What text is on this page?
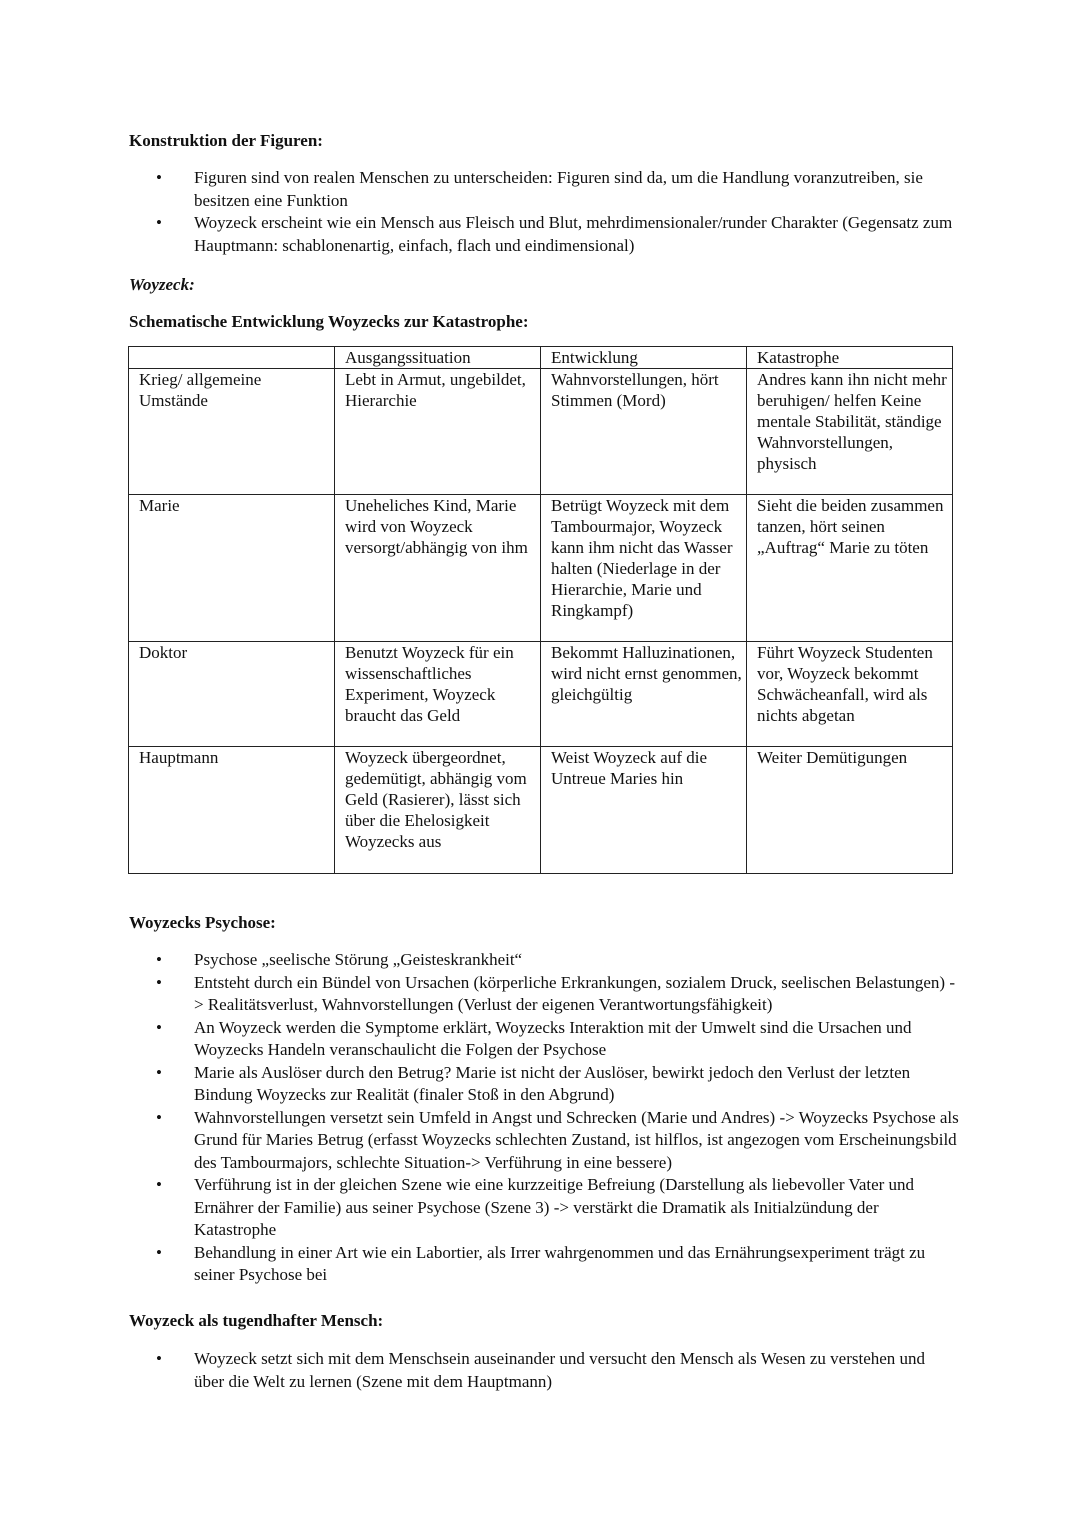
Konstruktion der Figuren:
• Figuren sind von realen Menschen zu unterscheiden: Figuren sind da, um die Handlung voranzutreiben, sie besitzen eine Funktion
• Woyzeck erscheint wie ein Mensch aus Fleisch und Blut, mehrdimensionaler/runder Charakter (Gegensatz zum Hauptmann: schablonenartig, einfach, flach und eindimensional)
Woyzeck:
Schematische Entwicklung Woyzecks zur Katastrophe:
	Ausgangssituation	Entwicklung	Katastrophe
Krieg/ allgemeine Umstände	Lebt in Armut, ungebildet, Hierarchie	Wahnvorstellungen, hört Stimmen (Mord)	Andres kann ihn nicht mehr beruhigen/ helfen Keine mentale Stabilität, ständige Wahnvorstellungen, physisch
Marie	Uneheliches Kind, Marie wird von Woyzeck versorgt/abhängig von ihm	Betrügt Woyzeck mit dem Tambourmajor, Woyzeck kann ihm nicht das Wasser halten (Niederlage in der Hierarchie, Marie und Ringkampf)	Sieht die beiden zusammen tanzen, hört seinen „Auftrag“ Marie zu töten
Doktor	Benutzt Woyzeck für ein wissenschaftliches Experiment, Woyzeck braucht das Geld	Bekommt Halluzinationen, wird nicht ernst genommen, gleichgültig	Führt Woyzeck Studenten vor, Woyzeck bekommt Schwächeanfall, wird als nichts abgetan
Hauptmann	Woyzeck übergeordnet, gedemütigt, abhängig vom Geld (Rasierer), lässt sich über die Ehelosigkeit Woyzecks aus	Weist Woyzeck auf die Untreue Maries hin	Weiter Demütigungen
Woyzecks Psychose:
• Psychose „seelische Störung „Geisteskrankheit“
• Entsteht durch ein Bündel von Ursachen (körperliche Erkrankungen, sozialem Druck, seelischen Belastungen) -> Realitätsverlust, Wahnvorstellungen (Verlust der eigenen Verantwortungsfähigkeit)
• An Woyzeck werden die Symptome erklärt, Woyzecks Interaktion mit der Umwelt sind die Ursachen und Woyzecks Handeln veranschaulicht die Folgen der Psychose
• Marie als Auslöser durch den Betrug? Marie ist nicht der Auslöser, bewirkt jedoch den Verlust der letzten Bindung Woyzecks zur Realität (finaler Stoß in den Abgrund)
• Wahnvorstellungen versetzt sein Umfeld in Angst und Schrecken (Marie und Andres) -> Woyzecks Psychose als Grund für Maries Betrug (erfasst Woyzecks schlechten Zustand, ist hilflos, ist angezogen vom Erscheinungsbild des Tambourmajors, schlechte Situation-> Verführung in eine bessere)
• Verführung ist in der gleichen Szene wie eine kurzzeitige Befreiung (Darstellung als liebevoller Vater und Ernährer der Familie) aus seiner Psychose (Szene 3) -> verstärkt die Dramatik als Initialzündung der Katastrophe
• Behandlung in einer Art wie ein Labortier, als Irrer wahrgenommen und das Ernährungsexperiment trägt zu seiner Psychose bei
Woyzeck als tugendhafter Mensch:
• Woyzeck setzt sich mit dem Menschsein auseinander und versucht den Mensch als Wesen zu verstehen und über die Welt zu lernen (Szene mit dem Hauptmann)
